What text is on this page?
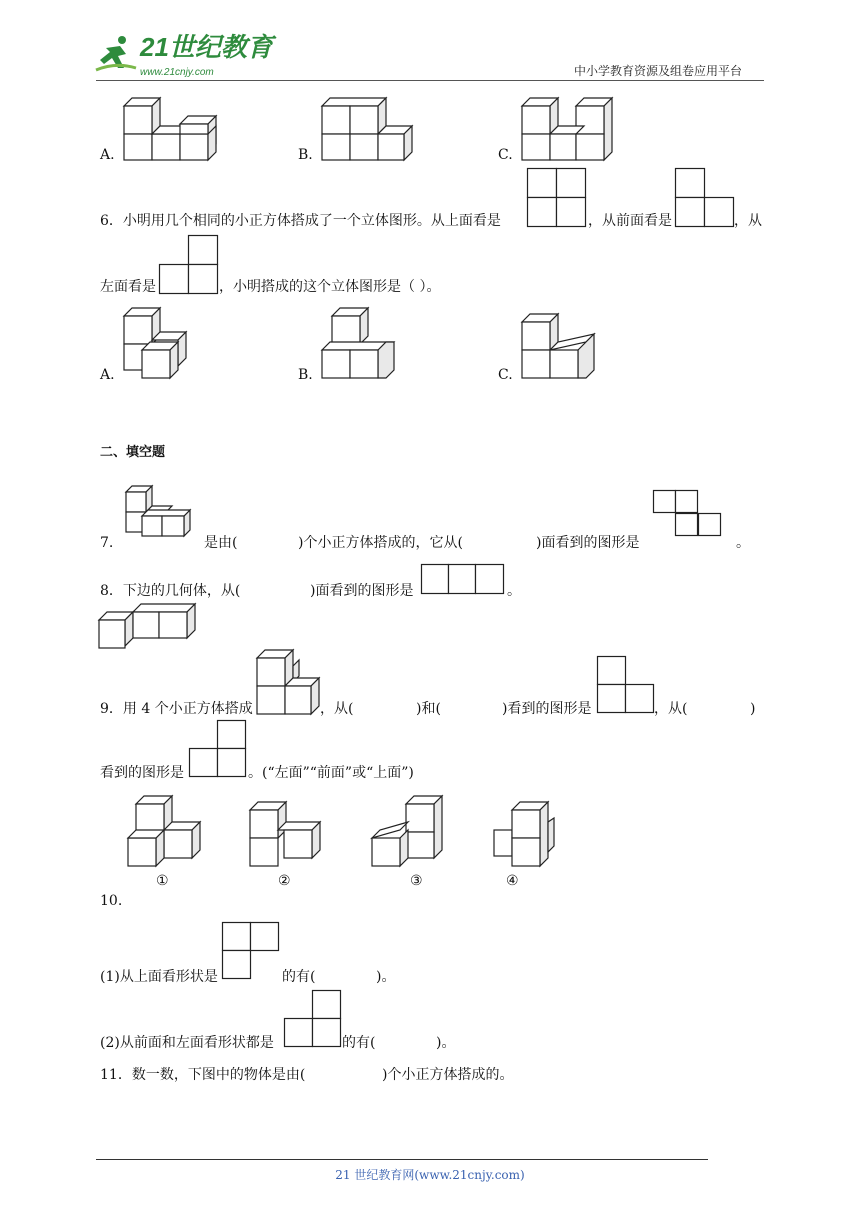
21世纪教育
www.21cnjy.com	中小学教育资源及组卷应用平台
A.	B.	C.
6．小明用几个相同的小正方体搭成了一个立体图形。从上面看是	，从前面看是	，从
左面看是	，小明搭成的这个立体图形是（ ）。
A.	B.	C.
二、填空题
7.	是由(	)个小正方体搭成的，它从(	)面看到的图形是	。
8．下边的几何体，从(	)面看到的图形是	。
9．用 4 个小正方体搭成	，从(	)和(	)看到的图形是	，从(	)
看到的图形是	。(“左面”“前面”或“上面”)
①	②	③	④
10.
(1)从上面看形状是	的有(	)。
(2)从前面和左面看形状都是	的有(	)。
11．数一数，下图中的物体是由(	)个小正方体搭成的。
21 世纪教育网(www.21cnjy.com)
